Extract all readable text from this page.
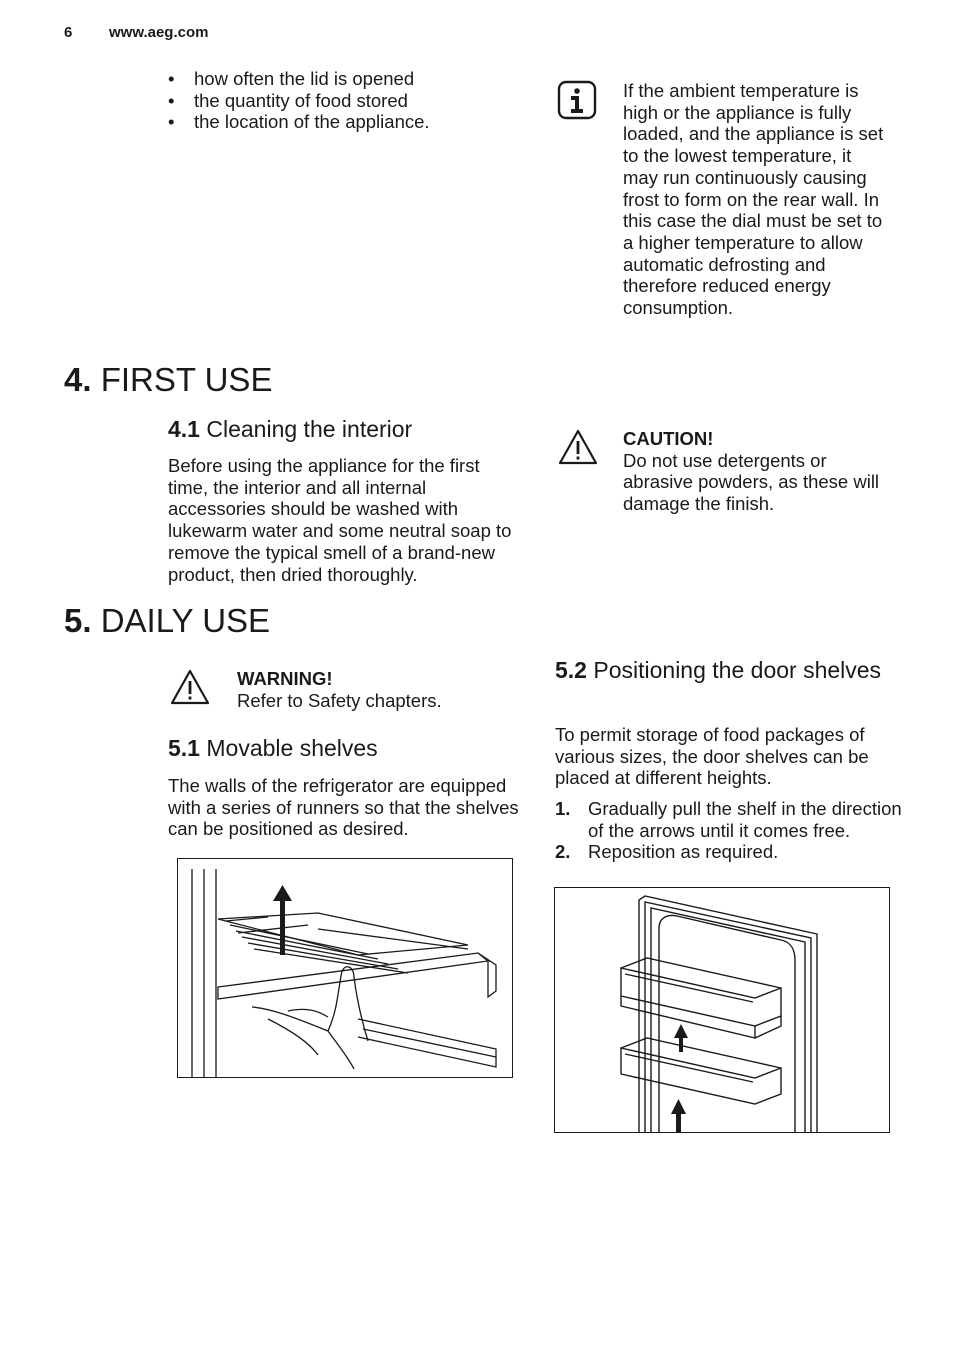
6 www.aeg.com
• how often the lid is opened
• the quantity of food stored
• the location of the appliance.
If the ambient temperature is high or the appliance is fully loaded, and the appliance is set to the lowest temperature, it may run continuously causing frost to form on the rear wall. In this case the dial must be set to a higher temperature to allow automatic defrosting and therefore reduced energy consumption.
4. FIRST USE
4.1 Cleaning the interior
Before using the appliance for the first time, the interior and all internal accessories should be washed with lukewarm water and some neutral soap to remove the typical smell of a brand-new product, then dried thoroughly.
CAUTION!
Do not use detergents or abrasive powders, as these will damage the finish.
5. DAILY USE
WARNING!
Refer to Safety chapters.
5.1 Movable shelves
The walls of the refrigerator are equipped with a series of runners so that the shelves can be positioned as desired.
5.2 Positioning the door shelves
To permit storage of food packages of various sizes, the door shelves can be placed at different heights.
1. Gradually pull the shelf in the direction of the arrows until it comes free.
2. Reposition as required.
